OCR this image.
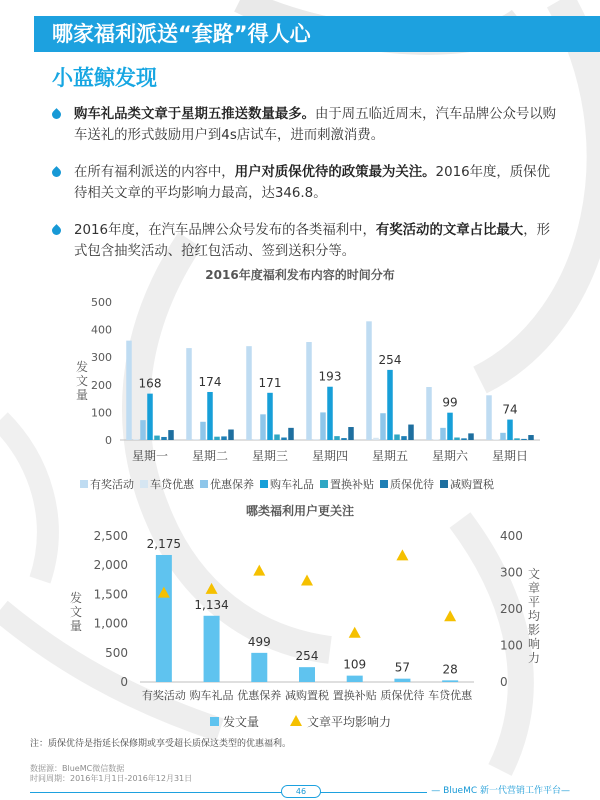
哪家福利派送“套路”得人心
小蓝鲸发现
购车礼品类文章于星期五推送数量最多。由于周五临近周末，汽车品牌公众号以购车送礼的形式鼓励用户到4s店试车，进而刺激消费。
在所有福利派送的内容中，用户对质保优待的政策最为关注。2016年度，质保优待相关文章的平均影响力最高，达346.8。
2016年度，在汽车品牌公众号发布的各类福利中，有奖活动的文章占比最大，形式包含抽奖活动、抢红包活动、签到送积分等。
2016年度福利发布内容的时间分布
0
100
200
300
400
500
发文量
168
星期一
174
星期二
171
星期三
193
星期四
254
星期五
99
星期六
74
星期日
有奖活动 车贷优惠 优惠保养 购车礼品 置换补贴 质保优待 减购置税
哪类福利用户更关注
0
500
1,000
1,500
2,000
2,500
0
100
200
300
400
发文量
文章平均影响力
2,175
有奖活动
1,134
购车礼品
499
优惠保养
254
减购置税
109
置换补贴
57
质保优待
28
车贷优惠
发文量	文章平均影响力
注：质保优待是指延长保修期或享受超长质保这类型的优惠福利。
数据源：BlueMC微信数据
时间周期：2016年1月1日-2016年12月31日
46	— BlueMC 新一代营销工作平台—
